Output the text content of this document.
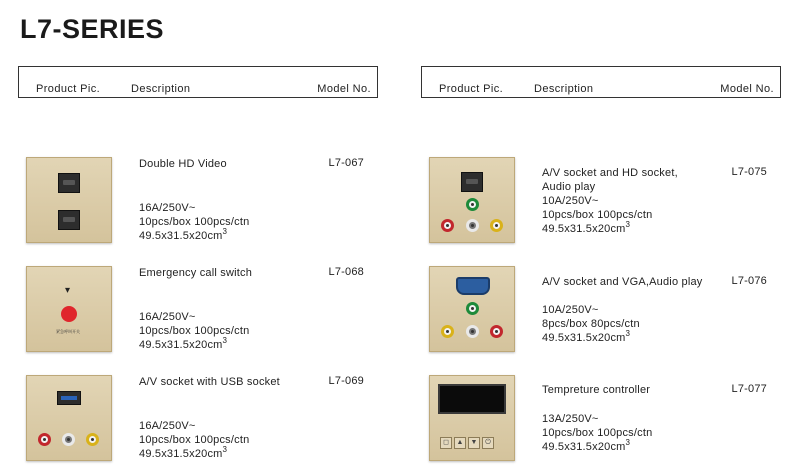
L7-SERIES
Product Pic.	Description	Model No.
Double HD Video	L7-067
16A/250V~
10pcs/box 100pcs/ctn
$49.5x31.5x20cm^3$
▾
紧急呼叫开关
Emergency call switch	L7-068
16A/250V~
10pcs/box 100pcs/ctn
$49.5x31.5x20cm^3$
A/V socket with USB socket	L7-069
16A/250V~
10pcs/box 100pcs/ctn
$49.5x31.5x20cm^3$
Product Pic.	Description	Model No.
A/V socket and HD socket,
Audio play
L7-075
10A/250V~
10pcs/box 100pcs/ctn
$49.5x31.5x20cm^3$
A/V socket and VGA,Audio play	L7-076
10A/250V~
8pcs/box 80pcs/ctn
$49.5x31.5x20cm^3$
◻	▲	▼	⏻
Tempreture controller	L7-077
13A/250V~
10pcs/box 100pcs/ctn
$49.5x31.5x20cm^3$
